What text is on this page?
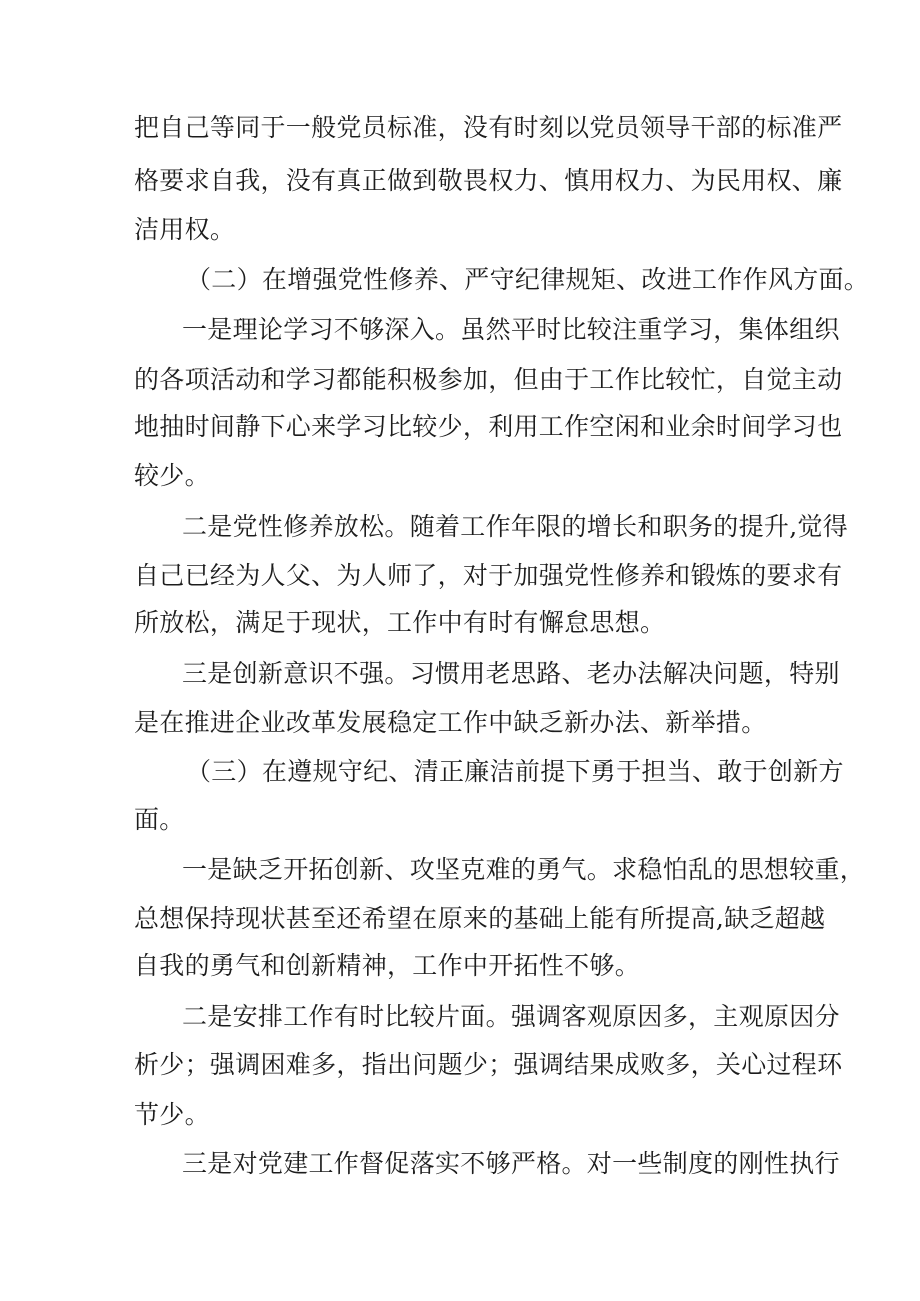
把自己等同于一般党员标准，没有时刻以党员领导干部的标准严

格要求自我，没有真正做到敬畏权力、慎用权力、为民用权、廉

洁用权。

（二）在增强党性修养、严守纪律规矩、改进工作作风方面。

一是理论学习不够深入。虽然平时比较注重学习，集体组织

的各项活动和学习都能积极参加，但由于工作比较忙，自觉主动

地抽时间静下心来学习比较少，利用工作空闲和业余时间学习也

较少。

二是党性修养放松。随着工作年限的增长和职务的提升,觉得

自己已经为人父、为人师了，对于加强党性修养和锻炼的要求有

所放松，满足于现状，工作中有时有懈怠思想。

三是创新意识不强。习惯用老思路、老办法解决问题，特别

是在推进企业改革发展稳定工作中缺乏新办法、新举措。

（三）在遵规守纪、清正廉洁前提下勇于担当、敢于创新方

面。

一是缺乏开拓创新、攻坚克难的勇气。求稳怕乱的思想较重，

总想保持现状甚至还希望在原来的基础上能有所提高,缺乏超越

自我的勇气和创新精神，工作中开拓性不够。

二是安排工作有时比较片面。强调客观原因多，主观原因分

析少；强调困难多，指出问题少；强调结果成败多，关心过程环

节少。

三是对党建工作督促落实不够严格。对一些制度的刚性执行
